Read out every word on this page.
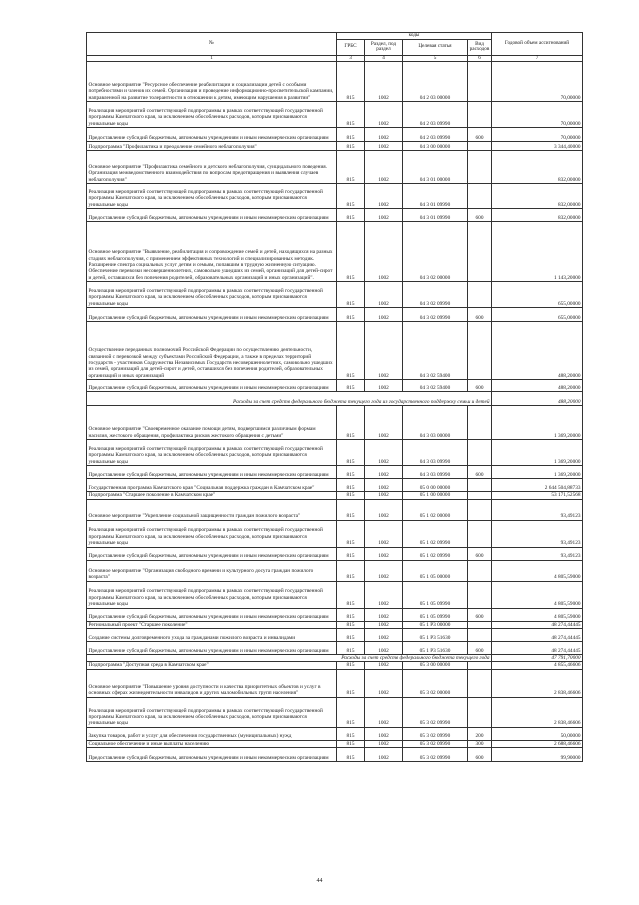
№	коды				Годовой объем ассигнований
	ГРБС	Раздел, под раздел	Целевая статья	Вид расходов	
1	3	4	5	6	7
Основное мероприятие "Ресурсное обеспечение реабилитации и социализации детей с особыми потребностями и членов их семей. Организация и проведение информационно-просветительской кампании, направленной на развитие толерантности в отношении к детям, имеющим нарушения в развитии"	815	1002	04 2 03 00000		70,00000
Реализация мероприятий соответствующей подпрограммы в рамках соответствующей государственной программы Камчатского края, за исключением обособленных расходов, которым присваиваются уникальные коды	815	1002	04 2 03 09990		70,00000
Предоставление субсидий бюджетным, автономным учреждениям и иным некоммерческим организациям	815	1002	04 2 03 09990	600	70,00000
Подпрограмма "Профилактика и преодоление семейного неблагополучия"	815	1002	04 3 00 00000		3 344,40000
Основное мероприятие "Профилактика семейного и детского неблагополучия, суицидального поведения. Организация межведомственного взаимодействия по вопросам предотвращения и выявления случаев неблагополучия"	815	1002	04 3 01 00000		832,00000
Реализация мероприятий соответствующей подпрограммы в рамках соответствующей государственной программы Камчатского края, за исключением обособленных расходов, которым присваиваются уникальные коды	815	1002	04 3 01 09990		832,00000
Предоставление субсидий бюджетным, автономным учреждениям и иным некоммерческим организациям	815	1002	04 3 01 09990	600	832,00000
Основное мероприятие "Выявление, реабилитация и сопровождение семей и детей, находящихся на разных стадиях неблагополучия, с применением эффективных технологий и специализированных методик. Расширение спектра социальных услуг детям и семьям, попавшим в трудную жизненную ситуацию. Обеспечение перевозки несовершеннолетних, самовольно ушедших из семей, организаций для детей-сирот и детей, оставшихся без попечения родителей, образовательных организаций и иных организаций".	815	1002	04 3 02 00000		1 143,20000
Реализация мероприятий соответствующей подпрограммы в рамках соответствующей государственной программы Камчатского края, за исключением обособленных расходов, которым присваиваются уникальные коды	815	1002	04 3 02 09990		655,00000
Предоставление субсидий бюджетным, автономным учреждениям и иным некоммерческим организациям	815	1002	04 3 02 09990	600	655,00000
Осуществление переданных полномочий Российской Федерации по осуществлению деятельности, связанной с перевозкой между субъектами Российской Федерации, а также в пределах территорий государств - участников Содружества Независимых Государств несовершеннолетних, самовольно ушедших из семей, организаций для детей-сирот и детей, оставшихся без попечения родителей, образовательных организаций и иных организаций	815	1002	04 3 02 59400		488,20000
Предоставление субсидий бюджетным, автономным учреждениям и иным некоммерческим организациям	815	1002	04 3 02 59400	600	488,20000
Расходы за счет средств федерального бюджета текущего года из государственного поддержку семьи и детей					488,20000
Основное мероприятие "Своевременное оказание помощи детям, подвергшимся различным формам насилия, жестокого обращения, профилактика рисков жестокого обращения с детьми"	815	1002	04 3 03 00000		1 369,20000
Реализация мероприятий соответствующей подпрограммы в рамках соответствующей государственной программы Камчатского края, за исключением обособленных расходов, которым присваиваются уникальные коды	815	1002	04 3 03 09990		1 369,20000
Предоставление субсидий бюджетным, автономным учреждениям и иным некоммерческим организациям	815	1002	04 3 03 09990	600	1 369,20000
Государственная программа Камчатского края "Социальная поддержка граждан в Камчатском крае"	815	1002	05 0 00 00000		2 644 504,88733
Подпрограмма "Старшее поколение в Камчатском крае"	815	1002	05 1 00 00000		53 171,52568
Основное мероприятие "Укрепление социальной защищенности граждан пожилого возраста"	815	1002	05 1 02 00000		93,49123
Реализация мероприятий соответствующей подпрограммы в рамках соответствующей государственной программы Камчатского края, за исключением обособленных расходов, которым присваиваются уникальные коды	815	1002	05 1 02 09990		93,49123
Предоставление субсидий бюджетным, автономным учреждениям и иным некоммерческим организациям	815	1002	05 1 02 09990	600	93,49123
Основное мероприятие "Организация свободного времени и культурного досуга граждан пожилого возраста"	815	1002	05 1 05 00000		4 805,59000
Реализация мероприятий соответствующей подпрограммы в рамках соответствующей государственной программы Камчатского края, за исключением обособленных расходов, которым присваиваются уникальные коды	815	1002	05 1 05 09990		4 805,59000
Предоставление субсидий бюджетным, автономным учреждениям и иным некоммерческим организациям	815	1002	05 1 05 09990	600	4 805,59000
Региональный проект "Старшее поколение"	815	1002	05 1 P3 00000		48 274,44445
Создание системы долговременного ухода за гражданами пожилого возраста и инвалидами	815	1002	05 1 P3 51630		48 274,44445
Предоставление субсидий бюджетным, автономным учреждениям и иным некоммерческим организациям	815	1002	05 1 P3 51630	600	48 274,44445
Расходы за счет средств федерального бюджета текущего года					47 791,70000
Подпрограмма "Доступная среда в Камчатском крае"	815	1002	05 3 00 00000		4 855,46606
Основное мероприятие "Повышение уровня доступности и качества приоритетных объектов и услуг в основных сферах жизнедеятельности инвалидов и других маломобильных групп населения"	815	1002	05 3 02 00000		2 838,46606
Реализация мероприятий соответствующей подпрограммы в рамках соответствующей государственной программы Камчатского края, за исключением обособленных расходов, которым присваиваются уникальные коды	815	1002	05 3 02 09990		2 838,46606
Закупка товаров, работ и услуг для обеспечения государственных (муниципальных) нужд	815	1002	05 3 02 09990	200	50,00000
Социальное обеспечение и иные выплаты населению	815	1002	05 3 02 09990	300	2 688,46606
Предоставление субсидий бюджетным, автономным учреждениям и иным некоммерческим организациям	815	1002	05 3 02 09990	600	99,90000
44
